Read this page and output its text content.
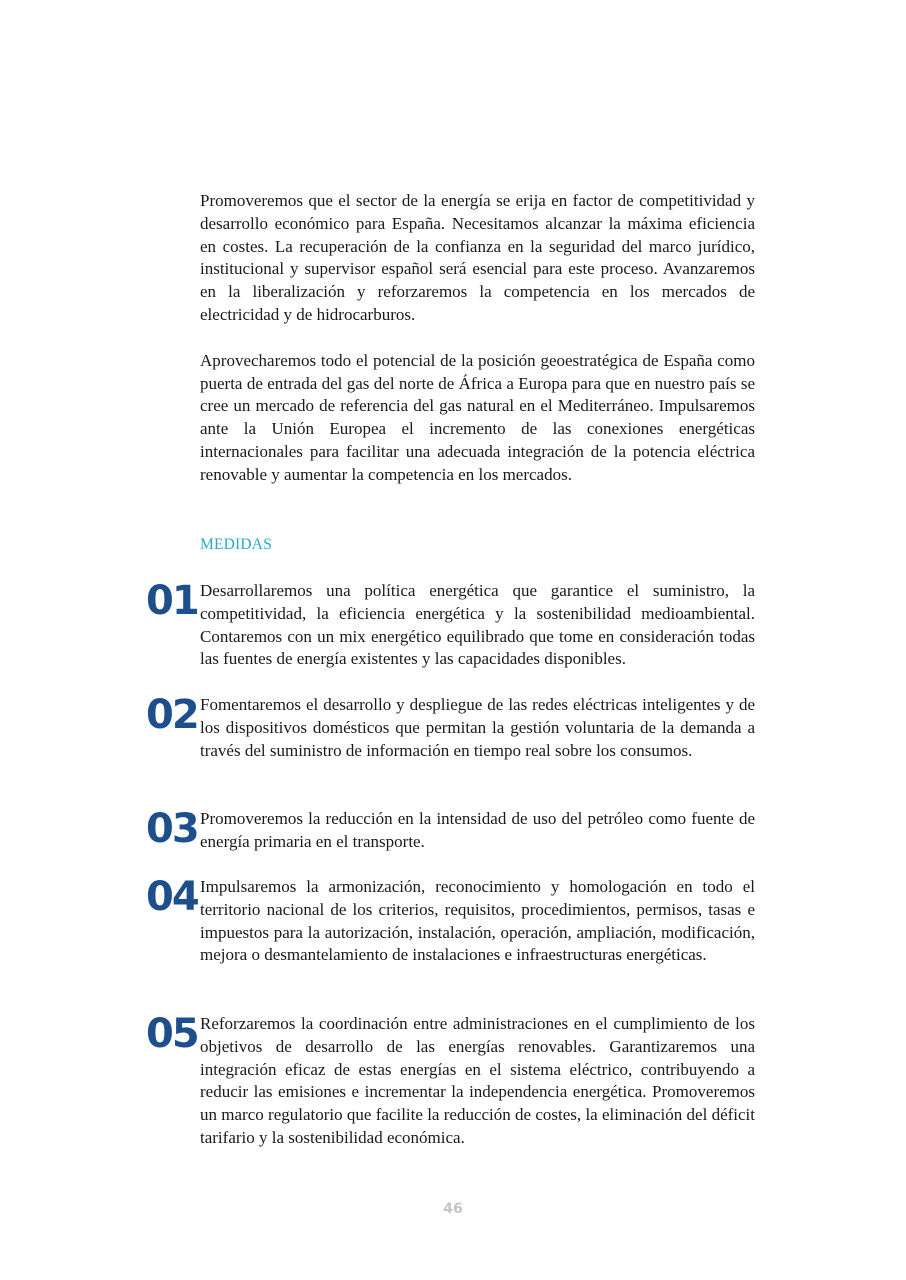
Promoveremos que el sector de la energía se erija en factor de competitividad y desarrollo económico para España. Necesitamos alcanzar la máxima eficiencia en costes. La recuperación de la confianza en la seguridad del marco jurídico, institucional y supervisor español será esencial para este proceso. Avanzaremos en la liberalización y reforzaremos la competencia en los mercados de electricidad y de hidrocarburos.

Aprovecharemos todo el potencial de la posición geoestratégica de España como puerta de entrada del gas del norte de África a Europa para que en nuestro país se cree un mercado de referencia del gas natural en el Mediterráneo. Impulsaremos ante la Unión Europea el incremento de las conexiones energéticas internacionales para facilitar una adecuada integración de la potencia eléctrica renovable y aumentar la competencia en los mercados.

MEDIDAS
01 Desarrollaremos una política energética que garantice el suministro, la competitividad, la eficiencia energética y la sostenibilidad medioambiental. Contaremos con un mix energético equilibrado que tome en consideración todas las fuentes de energía existentes y las capacidades disponibles.
02 Fomentaremos el desarrollo y despliegue de las redes eléctricas inteligentes y de los dispositivos domésticos que permitan la gestión voluntaria de la demanda a través del suministro de información en tiempo real sobre los consumos.
03 Promoveremos la reducción en la intensidad de uso del petróleo como fuente de energía primaria en el transporte.
04 Impulsaremos la armonización, reconocimiento y homologación en todo el territorio nacional de los criterios, requisitos, procedimientos, permisos, tasas e impuestos para la autorización, instalación, operación, ampliación, modificación, mejora o desmantelamiento de instalaciones e infraestructuras energéticas.
05 Reforzaremos la coordinación entre administraciones en el cumplimiento de los objetivos de desarrollo de las energías renovables. Garantizaremos una integración eficaz de estas energías en el sistema eléctrico, contribuyendo a reducir las emisiones e incrementar la independencia energética. Promoveremos un marco regulatorio que facilite la reducción de costes, la eliminación del déficit tarifario y la sostenibilidad económica.
46
